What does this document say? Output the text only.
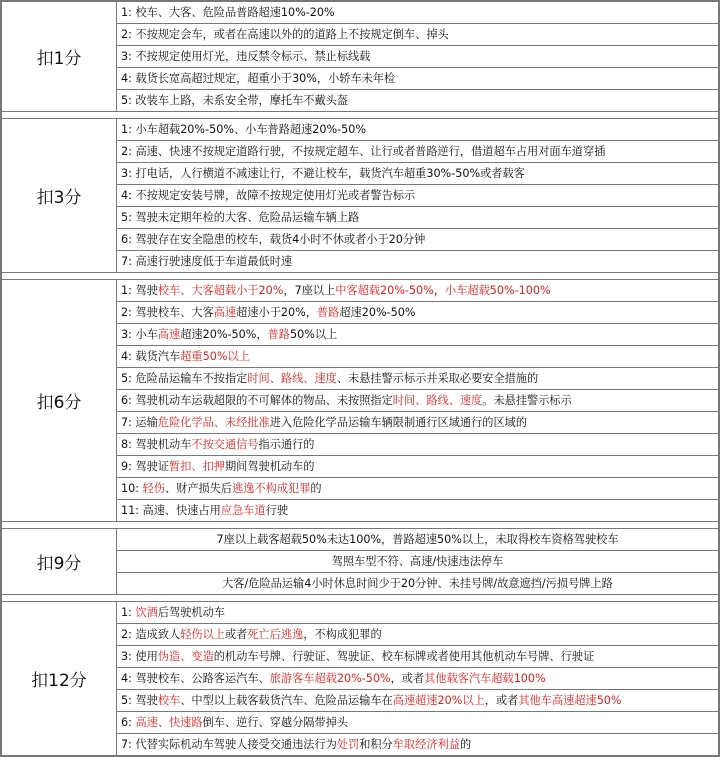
扣1分	1: 校车、大客、危险品普路超速10%-20%
	2: 不按规定会车，或者在高速以外的的道路上不按规定倒车、掉头
	3: 不按规定使用灯光，违反禁令标示、禁止标线载
	4: 载货长宽高超过规定，超重小于30%，小轿车未年检
	5: 改装车上路，未系安全带，摩托车不戴头盔

扣3分	1: 小车超载20%-50%、小车普路超速20%-50%
	2: 高速、快速不按规定道路行驶，不按规定超车、让行或者普路逆行，借道超车占用对面车道穿插
	3: 打电话，人行横道不减速让行，不避让校车，载货汽车超重30%-50%或者载客
	4: 不按规定安装号牌，故障不按规定使用灯光或者警告标示
	5: 驾驶未定期年检的大客、危险品运输车辆上路
	6: 驾驶存在安全隐患的校车，载货4小时不休或者小于20分钟
	7: 高速行驶速度低于车道最低时速

扣6分	1: 驾驶校车、大客超载小于20%，7座以上中客超载20%-50%，小车超载50%-100%
	2: 驾驶校车、大客高速超速小于20%，普路超速20%-50%
	3: 小车高速超速20%-50%，普路50%以上
	4: 载货汽车超重50%以上
	5: 危险品运输车不按指定时间、路线、速度、未悬挂警示标示并采取必要安全措施的
	6: 驾驶机动车运载超限的不可解体的物品、未按照指定时间、路线、速度。未悬挂警示标示
	7: 运输危险化学品、未经批准进入危险化学品运输车辆限制通行区域通行的区域的
	8: 驾驶机动车不按交通信号指示通行的
	9: 驾驶证暂扣、扣押期间驾驶机动车的
	10: 轻伤、财产损失后逃逸不构成犯罪的
	11: 高速、快速占用应急车道行驶

扣9分	7座以上载客超载50%未达100%，普路超速50%以上，未取得校车资格驾驶校车
	驾照车型不符、高速/快速违法停车
	大客/危险品运输4小时休息时间少于20分钟、未挂号牌/故意遮挡/污损号牌上路

扣12分	1: 饮酒后驾驶机动车
	2: 造成致人轻伤以上或者死亡后逃逸，不构成犯罪的
	3: 使用伪造、变造的机动车号牌、行驶证、驾驶证、校车标牌或者使用其他机动车号牌、行驶证
	4: 驾驶校车、公路客运汽车、旅游客车超载20%-50%，或者其他载客汽车超载100%
	5: 驾驶校车、中型以上载客载货汽车、危险品运输车在高速超速20%以上，或者其他车高速超速50%
	6: 高速、快速路倒车、逆行、穿越分隔带掉头
	7: 代替实际机动车驾驶人接受交通违法行为处罚和积分牟取经济利益的
